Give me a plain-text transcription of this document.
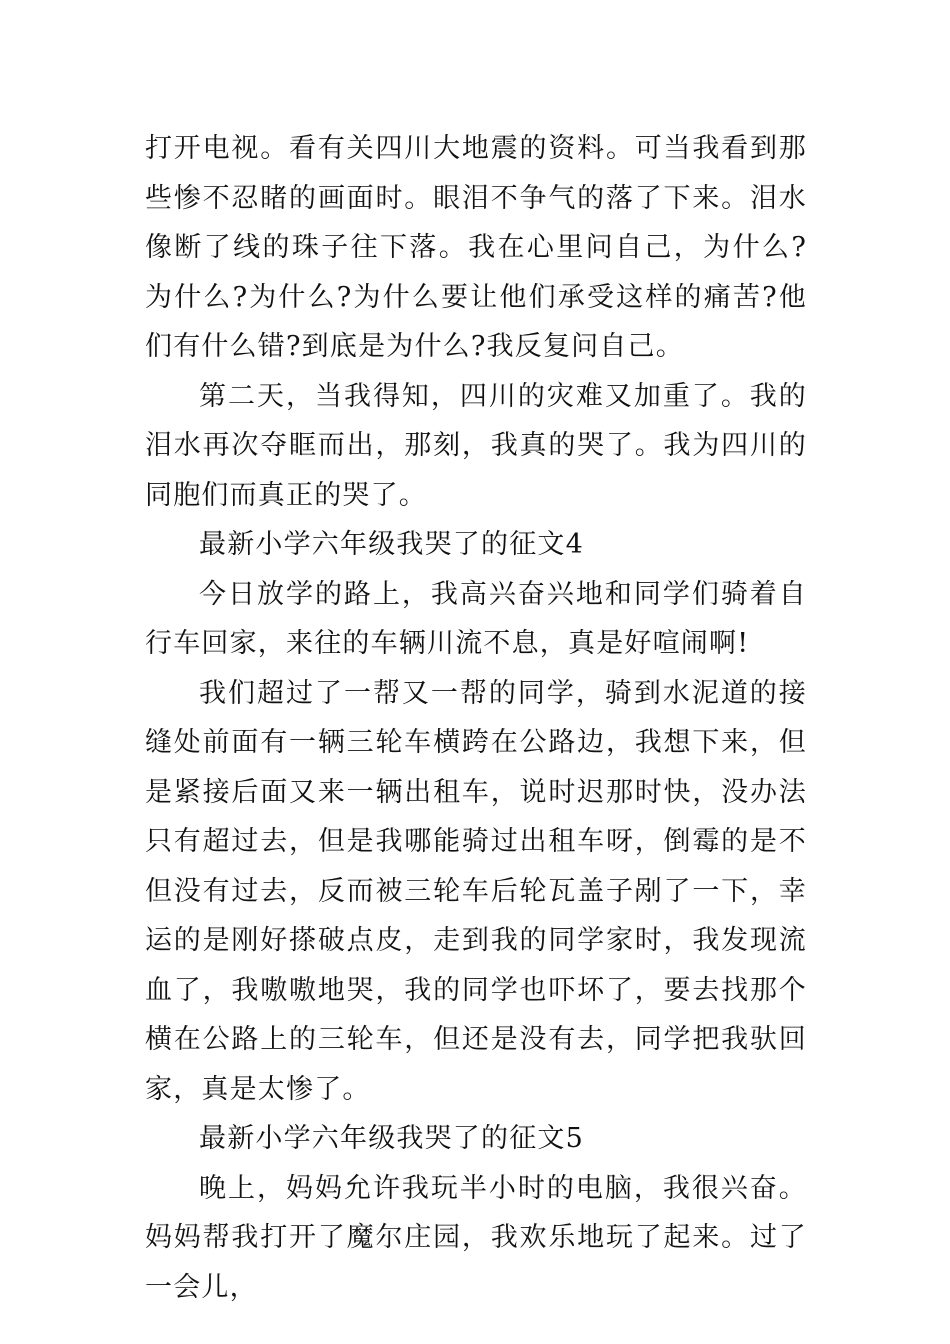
打开电视。看有关四川大地震的资料。可当我看到那些惨不忍睹的画面时。眼泪不争气的落了下来。泪水像断了线的珠子往下落。我在心里问自己，为什么?为什么?为什么?为什么要让他们承受这样的痛苦?他们有什么错?到底是为什么?我反复问自己。

第二天，当我得知，四川的灾难又加重了。我的泪水再次夺眶而出，那刻，我真的哭了。我为四川的同胞们而真正的哭了。

最新小学六年级我哭了的征文4

今日放学的路上，我高兴奋兴地和同学们骑着自行车回家，来往的车辆川流不息，真是好喧闹啊!

我们超过了一帮又一帮的同学，骑到水泥道的接缝处前面有一辆三轮车横跨在公路边，我想下来，但是紧接后面又来一辆出租车，说时迟那时快，没办法只有超过去，但是我哪能骑过出租车呀，倒霉的是不但没有过去，反而被三轮车后轮瓦盖子剐了一下，幸运的是刚好搽破点皮，走到我的同学家时，我发现流血了，我嗷嗷地哭，我的同学也吓坏了，要去找那个横在公路上的三轮车，但还是没有去，同学把我驮回家，真是太惨了。

最新小学六年级我哭了的征文5

晚上，妈妈允许我玩半小时的电脑，我很兴奋。妈妈帮我打开了魔尔庄园，我欢乐地玩了起来。过了一会儿，
